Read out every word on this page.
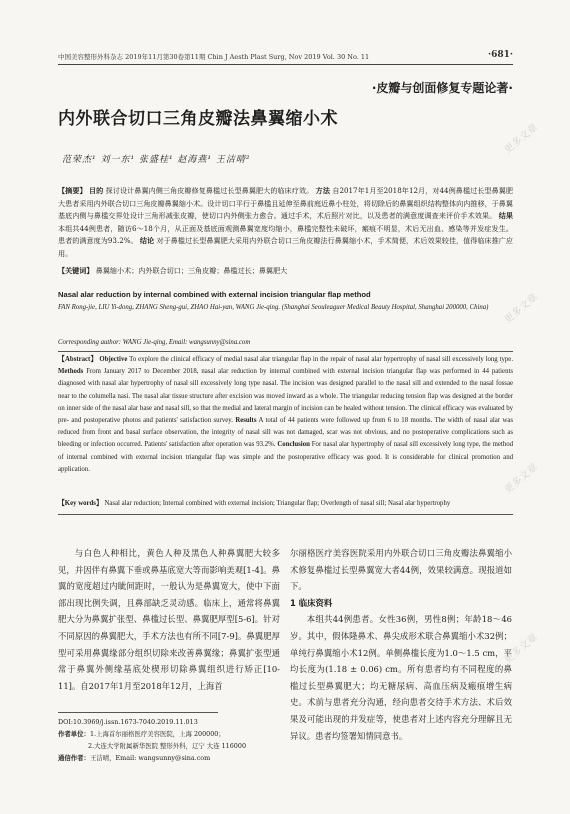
中国美容整形外科杂志 2019年11月第30卷第11期 Chin J Aesth Plast Surg, Nov 2019 Vol. 30 No. 11	·681·
·皮瓣与创面修复专题论著·
内外联合切口三角皮瓣法鼻翼缩小术
范荣杰¹ 刘一东¹ 张盛桂¹ 赵海燕¹ 王洁晴²
【摘要】 目的 探讨设计鼻翼内侧三角皮瓣修复鼻槛过长型鼻翼肥大的临床疗效。 方法 自2017年1月至2018年12月，对44例鼻槛过长型鼻翼肥大患者采用内外联合切口三角皮瓣鼻翼缩小术。设计切口平行于鼻槛且延伸至鼻前庭近鼻小柱处，将切除后的鼻翼组织结构整体向内推移，于鼻翼基底内侧与鼻槛交界处设计三角形减张皮瓣，使切口内外侧张力愈合。通过手术，术后照片对比，以及患者的满意度调查来评价手术效果。 结果 本组共44例患者，随访6～18个月，从正面及基底面观测鼻翼宽度均缩小，鼻槛完整性未破坏，瘢痕不明显，术后无出血、感染等并发症发生。患者的满意度为93.2%。 结论 对于鼻槛过长型鼻翼肥大采用内外联合切口三角皮瓣法行鼻翼缩小术，手术简便，术后效果较佳，值得临床推广应用。
【关键词】 鼻翼缩小术；内外联合切口；三角皮瓣；鼻槛过长；鼻翼肥大
Nasal alar reduction by internal combined with external incision triangular flap method
FAN Rong-jie, LIU Yi-dong, ZHANG Sheng-gui, ZHAO Hai-yan, WANG Jie-qing. (Shanghai Seouleaguer Medical Beauty Hospital, Shanghai 200000, China)
Corresponding author: WANG Jie-qing, Email: wangsunny@sina.com
【Abstract】 Objective To explore the clinical efficacy of medial nasal alar triangular flap in the repair of nasal alar hypertrophy of nasal sill excessively long type. Methods From January 2017 to December 2018, nasal alar reduction by internal combined with external incision triangular flap was performed in 44 patients diagnosed with nasal alar hypertrophy of nasal sill excessively long type nasal. The incision was designed parallel to the nasal sill and extended to the nasal fossae near to the columella nasi. The nasal alar tissue structure after excision was moved inward as a whole. The triangular reducing tension flap was designed at the border on inner side of the nasal alar base and nasal sill, so that the medial and lateral margin of incision can be healed without tension. The clinical efficacy was evaluated by pre- and postoperative photos and patients' satisfaction survey. Results A total of 44 patients were followed up from 6 to 18 months. The width of nasal alar was reduced from front and basal surface observation, the integrity of nasal sill was not damaged, scar was not obvious, and no postoperative complications such as bleeding or infection occurred. Patients' satisfaction after operation was 93.2%. Conclusion For nasal alar hypertrophy of nasal sill excessively long type, the method of internal combined with external incision triangular flap was simple and the postoperative efficacy was good. It is considerable for clinical promotion and application.
【Key words】 Nasal alar reduction; Internal combined with external incision; Triangular flap; Overlength of nasal sill; Nasal alar hypertrophy

与白色人种相比，黄色人种及黑色人种鼻翼肥大较多见，并因伴有鼻翼下垂或鼻基底宽大等而影响美观[1-4]。鼻翼的宽度超过内眦间距时，一般认为是鼻翼宽大，使中下面部出现比例失调，且鼻部缺乏灵动感。临床上，通常将鼻翼肥大分为鼻翼扩张型、鼻槛过长型、鼻翼肥厚型[5-6]。针对不同原因的鼻翼肥大，手术方法也有所不同[7-9]。鼻翼肥厚型可采用鼻翼缘部分组织切除来改善鼻翼缘；鼻翼扩张型通常于鼻翼外侧缘基底处楔形切除鼻翼组织进行矫正[10-11]。自2017年1月至2018年12月，上海首

DOI:10.3969/j.issn.1673-7040.2019.11.013
作者单位：1.上海首尔丽格医疗美容医院，上海 200000；
2.大连大学附属新华医院 整形外科，辽宁 大连 116000
通信作者：王洁晴，Email: wangsunny@sina.com

尔丽格医疗美容医院采用内外联合切口三角皮瓣法鼻翼缩小术修复鼻槛过长型鼻翼宽大者44例，效果较满意。现报道如下。

1 临床资料

本组共44例患者。女性36例，男性8例；年龄18～46岁。其中，假体隆鼻术、鼻尖成形术联合鼻翼缩小术32例；单纯行鼻翼缩小术12例。单侧鼻槛长度为1.0～1.5 cm，平均长度为(1.18 ± 0.06) cm。所有患者均有不同程度的鼻槛过长型鼻翼肥大；均无糖尿病、高血压病及瘢痕增生病史。术前与患者充分沟通，经向患者交待手术方法、术后效果及可能出现的并发症等，使患者对上述内容充分理解且无异议。患者均签署知情同意书。

更多文章
更多文章
更多文章
更多文章
